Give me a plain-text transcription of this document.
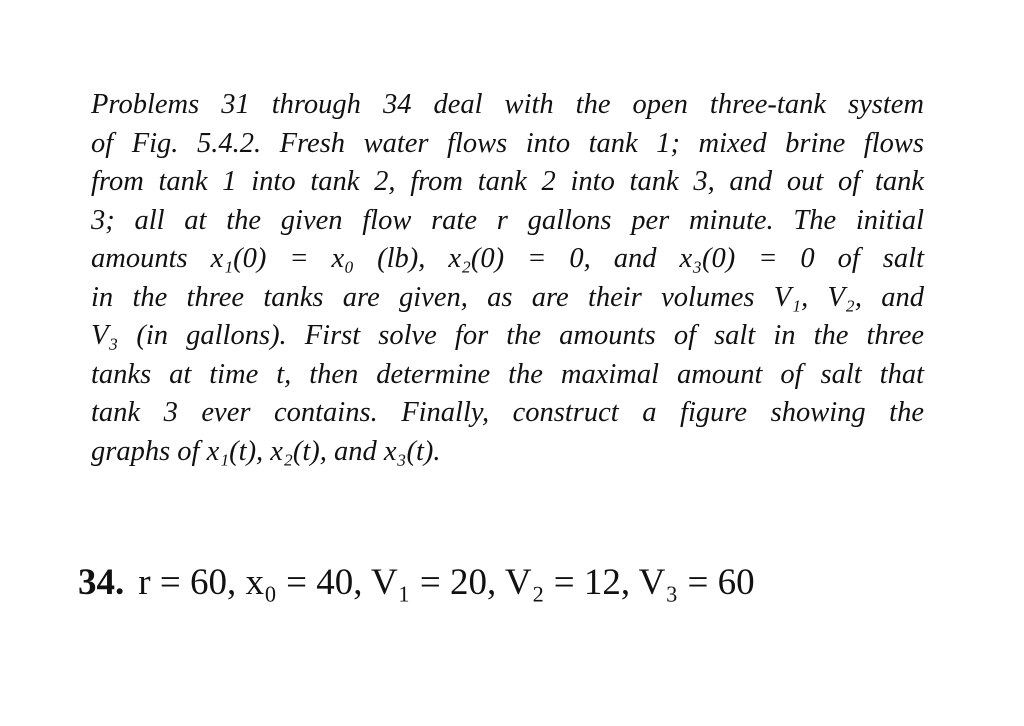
Problems 31 through 34 deal with the open three-tank system
of Fig. 5.4.2. Fresh water flows into tank 1; mixed brine flows
from tank 1 into tank 2, from tank 2 into tank 3, and out of tank
3; all at the given flow rate r gallons per minute. The initial
amounts x₁(0) = x₀ (lb), x₂(0) = 0, and x₃(0) = 0 of salt
in the three tanks are given, as are their volumes V₁, V₂, and
V₃ (in gallons). First solve for the amounts of salt in the three
tanks at time t, then determine the maximal amount of salt that
tank 3 ever contains. Finally, construct a figure showing the
graphs of x₁(t), x₂(t), and x₃(t).
34. r = 60, x₀ = 40, V₁ = 20, V₂ = 12, V₃ = 60
